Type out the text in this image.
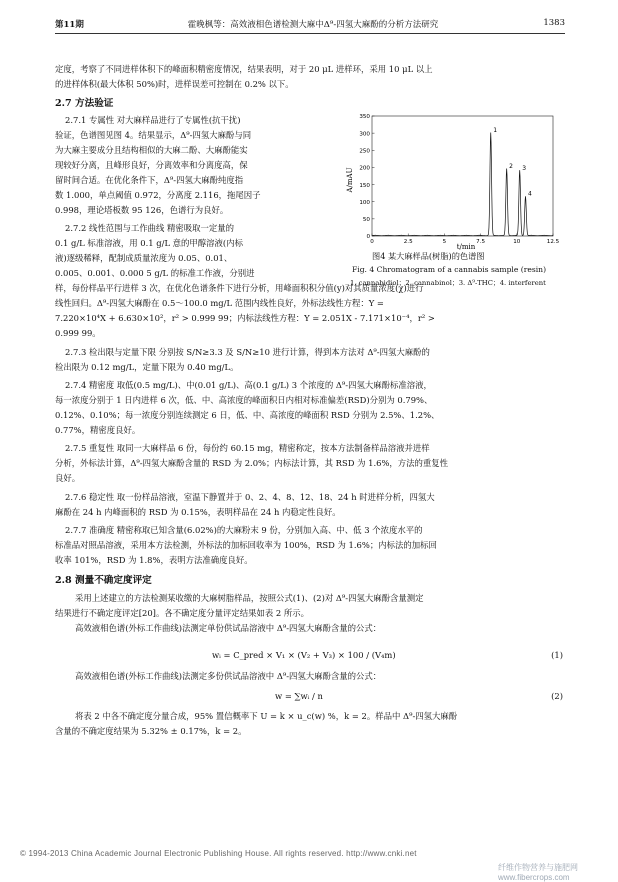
第11期	霍晚枫等：高效液相色谱检测大麻中Δ⁹-四氢大麻酚的分析方法研究	1383
定度，考察了不同进样体积下的峰面积精密度情况，结果表明，对于 20 μL 进样环，采用 10 μL 以上
的进样体积(最大体积 50%)时，进样误差可控制在 0.2% 以下。
2.7 方法验证
2.7.1 专属性 对大麻样品进行了专属性(抗干扰)
验证，色谱图见图 4。结果显示，Δ⁹-四氢大麻酚与同
为大麻主要成分且结构相似的大麻二酚、大麻酚能实
现较好分离，且峰形良好，分离效率和分离度高，保
留时间合适。在优化条件下，Δ⁹-四氢大麻酚纯度指
数 1.000，单点阈值 0.972，分离度 2.116，拖尾因子
0.998，理论塔板数 95 126，色谱行为良好。
2.7.2 线性范围与工作曲线 精密吸取一定量的
0.1 g/L 标准溶液，用 0.1 g/L 意的甲醇溶液(内标
液)逐级稀释，配制成质量浓度为 0.05、0.01、
0.005、0.001、0.000 5 g/L 的标准工作液，分别进
样，每份样品平行进样 3 次，在优化色谱条件下进行分析，用峰面积积分值(y)对其质量浓度(χ)进行
线性回归。Δ⁹-四氢大麻酚在 0.5～100.0 mg/L 范围内线性良好，外标法线性方程：Y =
7.220×10⁴X + 6.630×10²，r² > 0.999 99；内标法线性方程：Y = 2.051X - 7.171×10⁻⁴，r² >
0.999 99。
0
50
100
150
200
250
300
350
0	2.5	5	7.5	10	12.5
1
2 3
4
A/mAU
t/min
图4 某大麻样品(树脂)的色谱图
Fig. 4 Chromatogram of a cannabis sample (resin)
1. cannabidiol；2. cannabinol；3. Δ⁹-THC；4. interferent
2.7.3 检出限与定量下限 分别按 S/N≥3.3 及 S/N≥10 进行计算，得到本方法对 Δ⁹-四氢大麻酚的
检出限为 0.12 mg/L，定量下限为 0.40 mg/L。
2.7.4 精密度 取低(0.5 mg/L)、中(0.01 g/L)、高(0.1 g/L) 3 个浓度的 Δ⁹-四氢大麻酚标准溶液，
每一浓度分别于 1 日内进样 6 次，低、中、高浓度的峰面积日内相对标准偏差(RSD)分别为 0.79%、
0.12%、0.10%；每一浓度分别连续测定 6 日，低、中、高浓度的峰面积 RSD 分别为 2.5%、1.2%、
0.77%，精密度良好。
2.7.5 重复性 取同一大麻样品 6 份，每份约 60.15 mg，精密称定，按本方法制备样品溶液并进样
分析，外标法计算，Δ⁹-四氢大麻酚含量的 RSD 为 2.0%；内标法计算，其 RSD 为 1.6%，方法的重复性
良好。
2.7.6 稳定性 取一份样品溶液，室温下静置并于 0、2、4、8、12、18、24 h 时进样分析，四氢大
麻酚在 24 h 内峰面积的 RSD 为 0.15%，表明样品在 24 h 内稳定性良好。
2.7.7 准确度 精密称取已知含量(6.02%)的大麻粉末 9 份，分别加入高、中、低 3 个浓度水平的
标准品对照品溶液，采用本方法检测，外标法的加标回收率为 100%，RSD 为 1.6%；内标法的加标回
收率 101%，RSD 为 1.8%，表明方法准确度良好。
2.8 测量不确定度评定
采用上述建立的方法检测某收缴的大麻树脂样品，按照公式(1)、(2)对 Δ⁹-四氢大麻酚含量测定
结果进行不确定度评定[20]。各不确定度分量评定结果如表 2 所示。
高效液相色谱(外标工作曲线)法测定单份供试品溶液中 Δ⁹-四氢大麻酚含量的公式：
wᵢ = C_pred × V₁ × (V₂ + V₃) × 100 / (V₄m)	(1)
高效液相色谱(外标工作曲线)法测定多份供试品溶液中 Δ⁹-四氢大麻酚含量的公式：
w = ∑wᵢ / n	(2)
将表 2 中各不确定度分量合成，95% 置信概率下 U = k × u_c(w) %，k = 2。样品中 Δ⁹-四氢大麻酚
含量的不确定度结果为 5.32% ± 0.17%，k = 2。
© 1994-2013 China Academic Journal Electronic Publishing House. All rights reserved. http://www.cnki.net
纤维作物营养与施肥网 www.fibercrops.com
